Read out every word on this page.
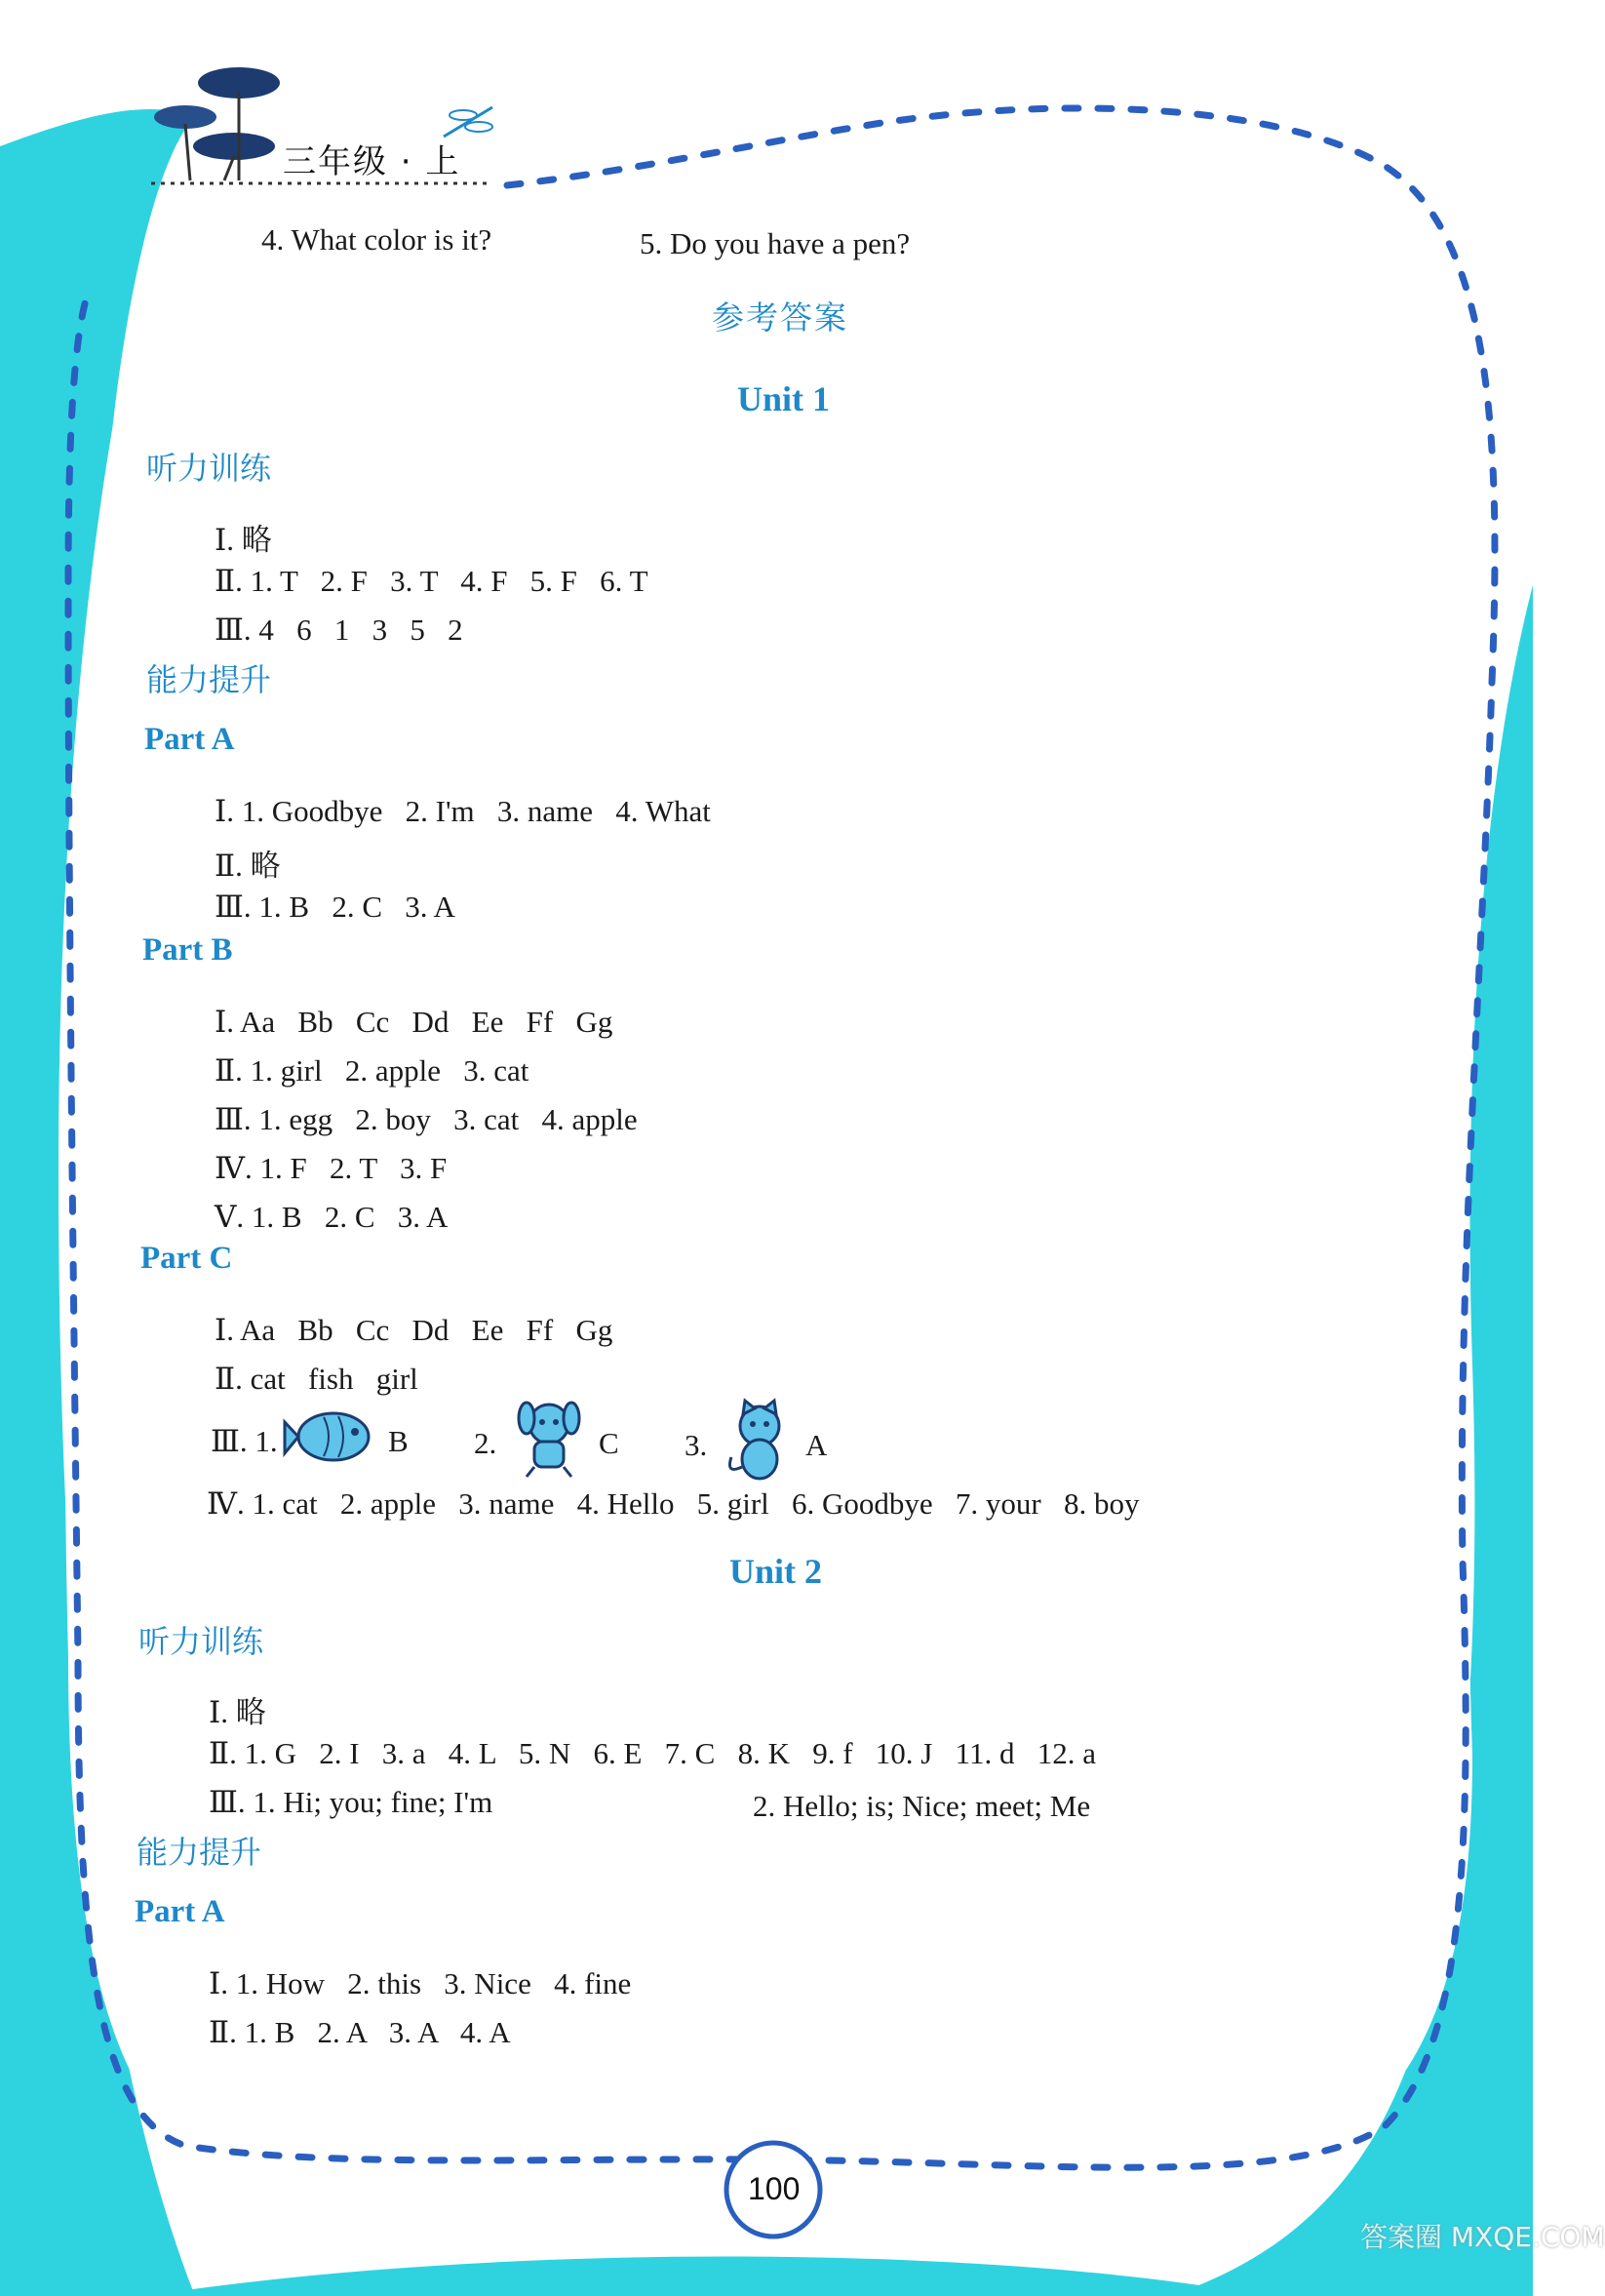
三年级 · 上
4. What color is it?	5. Do you have a pen?
参考答案
Unit 1
听力训练
Ⅰ. 略
Ⅱ. 1. T   2. F   3. T   4. F   5. F   6. T
Ⅲ. 4   6   1   3   5   2
能力提升
Part A
Ⅰ. 1. Goodbye   2. I'm   3. name   4. What
Ⅱ. 略
Ⅲ. 1. B   2. C   3. A
Part B
Ⅰ. Aa   Bb   Cc   Dd   Ee   Ff   Gg
Ⅱ. 1. girl   2. apple   3. cat
Ⅲ. 1. egg   2. boy   3. cat   4. apple
Ⅳ. 1. F   2. T   3. F
Ⅴ. 1. B   2. C   3. A
Part C
Ⅰ. Aa   Bb   Cc   Dd   Ee   Ff   Gg
Ⅱ. cat   fish   girl
Ⅲ. 1.	B 2.	C 3.	A
Ⅳ. 1. cat   2. apple   3. name   4. Hello   5. girl   6. Goodbye   7. your   8. boy
Unit 2
听力训练
Ⅰ. 略
Ⅱ. 1. G   2. I   3. a   4. L   5. N   6. E   7. C   8. K   9. f   10. J   11. d   12. a
Ⅲ. 1. Hi; you; fine; I'm	2. Hello; is; Nice; meet; Me
能力提升
Part A
Ⅰ. 1. How   2. this   3. Nice   4. fine
Ⅱ. 1. B   2. A   3. A   4. A
100
答案圈 MXQE.COM
